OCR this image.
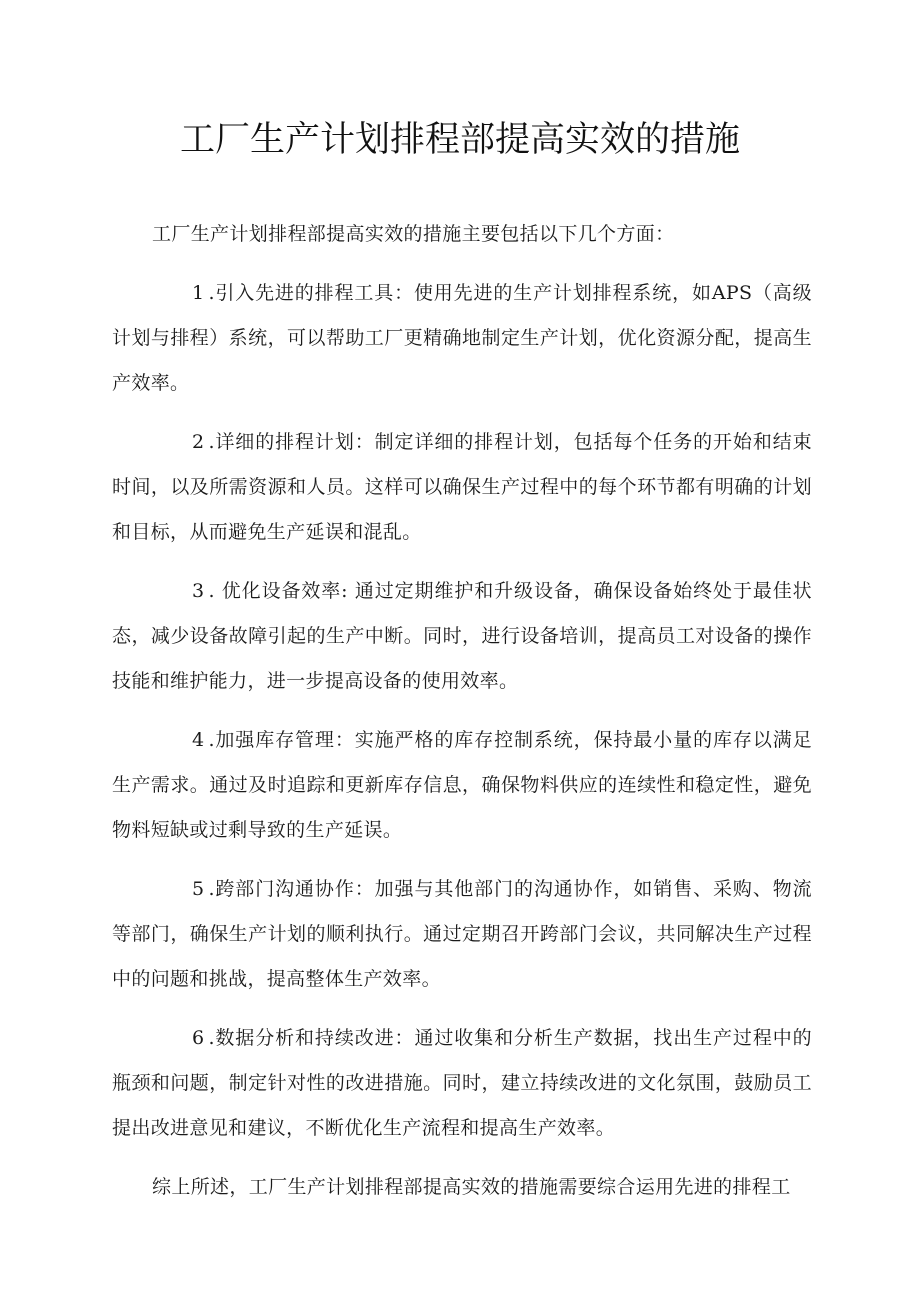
工厂生产计划排程部提高实效的措施

工厂生产计划排程部提高实效的措施主要包括以下几个方面：

1 .引入先进的排程工具：使用先进的生产计划排程系统，如APS（高级计划与排程）系统，可以帮助工厂更精确地制定生产计划，优化资源分配，提高生产效率。

2 .详细的排程计划：制定详细的排程计划，包括每个任务的开始和结束时间，以及所需资源和人员。这样可以确保生产过程中的每个环节都有明确的计划和目标，从而避免生产延误和混乱。

3 . 优化设备效率: 通过定期维护和升级设备，确保设备始终处于最佳状态，减少设备故障引起的生产中断。同时，进行设备培训，提高员工对设备的操作技能和维护能力，进一步提高设备的使用效率。

4 .加强库存管理：实施严格的库存控制系统，保持最小量的库存以满足生产需求。通过及时追踪和更新库存信息，确保物料供应的连续性和稳定性，避免物料短缺或过剩导致的生产延误。

5 .跨部门沟通协作：加强与其他部门的沟通协作，如销售、采购、物流等部门，确保生产计划的顺利执行。通过定期召开跨部门会议，共同解决生产过程中的问题和挑战，提高整体生产效率。

6 .数据分析和持续改进：通过收集和分析生产数据，找出生产过程中的瓶颈和问题，制定针对性的改进措施。同时，建立持续改进的文化氛围，鼓励员工提出改进意见和建议，不断优化生产流程和提高生产效率。

综上所述，工厂生产计划排程部提高实效的措施需要综合运用先进的排程工
